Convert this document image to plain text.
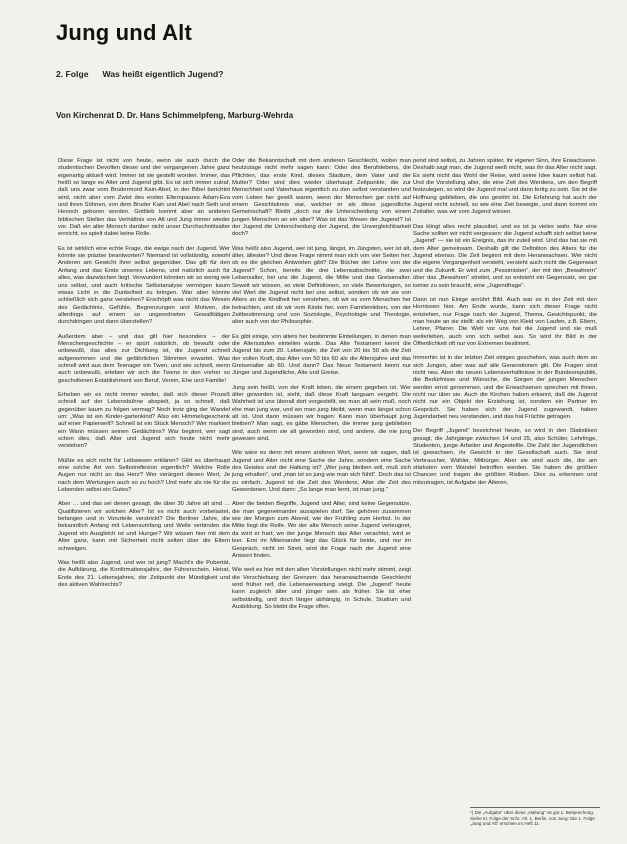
Jung und Alt
2. Folge Was heißt eigentlich Jugend?
Von Kirchenrat D. Dr. Hans Schimmelpfeng, Marburg-Wehrda

Diese Frage ist nicht von heute, wenn sie auch durch die studentischen Devolten dieser und der vergangenen Jahre ganz eigenartig aktuell wird. Immer ist sie gestellt worden. Immer, das heißt so lange es Alter und Jugend gibt. Es ist sich immer zutraf, daß uns zwar vom Brudermord Kain-Abel, in der Bibel berichtet wird, nicht aber vom Zwist des ersten Elternpaares Adam-Eva und ihren Söhnen, von dem Bruder Kain und Abel nach Seth und Henoch geboren worden. Gottlieb kommt aber an anderen biblischen Stellen das Verhältnis von Alt und Jung immer wieder vor. Daß ein alter Mensch darüber nicht unser Durchschnittsalter erreicht, es spielt dabei keine Rolle.

Es ist wirklich eine echte Frage, die ewige nach der Jugend. Wer könnte sie präzise beantworten? Niemand ist vollständig, sowohl Anderen am Gewicht ihrer selbst gegenüber. Das gilt für den Anfang und das Ende unseres Lebens, und natürlich auch für alles, was dazwischen liegt. Verwundert könnten wir so wenig wie uns selbst, und auch kritische Selbstanalyse vermögen kaum etwas Licht in die Dunkelheit zu bringen. War aber könnte schließlich sich ganz verstehen? Erschöpft was nicht das Wesen des Gedächtnis, Gefühle, Begrenzungen und Motiven, die allerdings auf einem so ungeordneten Gewalttätigen durchdringen und dann überstellen?

Außerdem aber – und das gilt hier besonders – der Menschengeschichte – er spürt natürlich, ob bewußt oder unbewußt, das alles zur Dichtung ist, die Jugend schnell aufgenommen und die gefährlichen Stimmen erwartet. Was schnell wird aus dem Teenager ein Twen, und wie schnell, wenn auch unbewußt, erleben wir sich die Twens in den vorher so gescholtenen Establishment von Beruf, Verein, Ehe und Familie!

Erheben wir es nicht immer wieder, daß sich dieser Prozeß schnell auf der Lebensbühne abspielt, ja so schnell, daß gegenüber kaum zu folgen vermag? Noch trotz ging der Wandel um: „Was ist ein Kinder-gartenkind? Also ein Himmelsgeschenk auf einer Papierwelt? Schnell ist ein Stück Mensch? Wer markiert ein Wann müssen seinen Gedächtnis? War beginnt, wer sagt schon dies, daß Alter und Jugend sich heute nicht mehr verstehen?

Müßte es sich nicht für Leibwesen erklären? Gibt es überhaupt eine solche Art von Selbstreflexion eigentlich? Welche Rolle Augen nur nicht an das Herz? Wer verärgert diesen Wert, Je nach dem Wertungen auch so zu hoch? Und mehr als nie für die Lebenden selbst ein Gutes?

Aber … und das sei denen gesagt, die über 30 Jahre alt sind … Qualifizieren wir solchen Alter? Ist es nicht auch vorbelastet, befangen und in Vorurteile verstrickt? Die Berliner Jahre, die bekanntlich Anfang mit Lebensumfang und Weile verbinden die Jugend ein Ausgleich ist und Hunger? Wir wissen hier mit dem Alter ganz, kann mit Sicherheit nicht selten über die Eltern schweigen.

Was heißt also Jugend, und wer ist jung? Macht's die Pubertät, die Aufklärung, die Konfirmationsjahre, der Führerschein, Heirat, Ende des 21. Lebensjahres, der Zeitpunkt der Mündigkeit und des aktiven Wahlrechts?

Oder die Bekanntschaft mit dem anderen Geschlecht, wobei man heutzutage nicht mehr sagen kann: Oder des Berufslebens, die Pflichten, das erste Kind, dieses Stadium, dem Vater und der Mutter? Oder sind dies wieder überhaupt Zeitpunkte, die zur Menschheit und Vaterhaus eigentlich zu den selbst verstanden und vom Leben her gewiß waren, wenn der Menschen gar nicht auf einem Gesichtskreis war, welcher er als diese jugendliche Gemeinschaft? Bleibt „doch nur die Unterscheidung von einem jungen Menschen an ein alter? Was ist das Wesen der Jugend? Ist der Jugend die Unterscheidung der Jugend, die Unvergleichbarkeit doch?

Was heißt also Jugend, wer ist jung, längst, im Jüngsten, wer ist alt, älter, ältester? Und diese Frage nimmt man sich von vier Seiten her, ob es die gleichen Antworten gibt? Die Bücher der Lehre von der Jugend? Schon, bereits die drei Lebensabschnitte, die zwei Lebensalter, bei uns die Jugend, die Mitte und das Greisenalter. Soweit wir wissen, so viele Definitionen, so viele Bewertungen, so viel Wert die Jugend nicht bei uns selbst, sondern ob wir sie von Alters an die Kindheit her verstehen, ob wir es vom Menschen her betrachten, und ob wir vom Kinde her, vom Familienleben, von der Zeitbestimmung und von Soziologie, Psychologie und Theologie, aber auch von der Philosophie.

Es gibt einige, von alters her bestimmte Einteilungen, in denen man die Altersstufen einteilen würde. Das Alte Testament kennt die Jugend bis zum 20. Lebensjahr, die Zeit von 20 bis 50 als die Zeit der vollen Kraft, das Alter von 50 bis 60 als die Altersjahre und das Greisenalter ab 60. Und dann? Das Neue Testament kennt nur Jünger und Jugendliche, Alte und Greise.

Jung sein heißt, von der Kraft leben, die einem gegeben ist. Wer älter geworden ist, sieht, daß diese Kraft langsam vergeht. Die Wahrheit ist uns überall dort vorgestellt, wo man alt sein muß, noch ehe man jung war, und wo man jung bleibt, wenn man längst schon alt ist. Und dann müssen wir fragen: Kann man überhaupt jung bleiben? Man sagt, es gäbe Menschen, die immer jung geblieben sind, auch wenn sie alt geworden sind, und andere, die nie jung gewesen sind.

Wie wäre es denn mit einem anderen Wort, wenn wir sagen, daß Jugend und Alter nicht eine Sache der Jahre, sondern eine Sache des Geistes und der Haltung ist? „Wer jung bleiben will, muß sich jung erhalten“, und „man ist so jung wie man sich fühlt“. Doch das ist zu einfach. Jugend ist die Zeit des Werdens, Alter die Zeit des Gewordenen. Und dann: „So lange man lernt, ist man jung.“

Aber die beiden Begriffe, Jugend und Alter, sind keine Gegensätze, die man gegeneinander ausspielen darf. Sie gehören zusammen wie der Morgen zum Abend, wie der Frühling zum Herbst. In der Mitte liegt die Reife. Wo der alte Mensch seine Jugend verleugnet, da wird er hart; wo der junge Mensch das Alter verachtet, wird er leer. Erst im Miteinander liegt das Glück für beide, und nur im Gespräch, nicht im Streit, wird die Frage nach der Jugend eine Antwort finden.

Wie weit es hier mit den alten Vorstellungen nicht mehr stimmt, zeigt die Verschiebung der Grenzen: das heranwachsende Geschlecht wird früher reif, die Lebenserwartung steigt. Die „Jugend“ heute kann zugleich älter und jünger sein als früher. Sie ist eher selbständig, und doch länger abhängig, in Schule, Studium und Ausbildung. So bleibt die Frage offen.

pend sind selbst, zu Jahren später, ihr eigener Sinn, ihre Erwachsene. Deshalb sagt man, die Jugend weiß nicht, was ihr das Alter nicht sagt. Es sieht nicht das Wohl der Reise, wird seine Idee kaum selbst hat. Und die Vorstellung aller, die eine Zeit des Werdens, um den Begriff festzulegen, so wird die Jugend mal und dann fertig zu sein. Sie ist die Hoffnung geblieben, die uns gestört ist. Die Erfahrung hat auch der Jugend recht schnell, so wie eine Zeit bewegte, und dann kommt ein Zeitalter, was wir vom Jugend wissen.

Das klingt alles recht plausibel, und es ist ja vieles wahr. Nur eine Sache sollten wir nicht vergessen: die Jugend schafft sich selbst keine „Jugend“ — sie ist ein Ereignis, das ihr zuteil wird. Und das hat sie mit dem Alter gemeinsam. Deshalb gilt die Definition des Alters für die Jugend ebenso. Die Zeit beginnt mit dem Heranwachsen. Wer nicht die eigene Vergangenheit versteht, versteht auch nicht die Gegenwart und die Zukunft. Er wird zum „Pessimisten“, der mit den „Bewahrern“ über das „Bewahren“ streitet, und so entsteht ein Gegensatz, wo gar keiner zu sein braucht, eine „Jugendfrage“.

Dann ist nun Einige anrührt Bild. Auch war es in der Zeit mit den Hornissen hier. Am Ende wurde, kann sich dieser Frage nicht entziehen, nur Frage nach der Jugend, Thema, Gesichtspunkt, die man heute an sie stellt: als ein Weg von Kleid von Laufen, z.B. Eltern, Lehrer, Pfarrer. Die Welt vor uns hat die Jugend und sie muß weiterleben, auch von sich selbst aus. So wird ihr Bild in der Öffentlichkeit oft nur von Extremen bestimmt.

Immerhin ist in der letzten Zeit einiges geschehen, was auch dem an sich Jungen, aber was auf alle Generationen gilt. Die Fragen sind nicht neu. Aber die neuen Lebensverhältnisse in der Bundesrepublik, die Bedürfnisse und Wünsche, die Sorgen der jungen Menschen werden ernst genommen, und die Erwachsenen sprechen mit ihnen, nicht nur über sie. Auch die Kirchen haben erkannt, daß die Jugend nicht nur ein Objekt der Erziehung ist, sondern ein Partner im Gespräch. Sie haben sich der Jugend zugewandt, haben Jugendarbeit neu verstanden, und das hat Früchte getragen.

Der Begriff „Jugend“ bezeichnet heute, so wird in den Statistiken gesagt, die Jahrgänge zwischen 14 und 25, also Schüler, Lehrlinge, Studenten, junge Arbeiter und Angestellte. Die Zahl der Jugendlichen ist gewachsen, ihr Gewicht in der Gesellschaft auch. Sie sind Verbraucher, Wähler, Mitbürger. Aber sie sind auch die, die am stärksten vom Wandel betroffen werden. Sie haben die größten Chancen und tragen die größten Risiken. Dies zu erkennen und mitzutragen, ist Aufgabe der Älteren.

*) Die „Aufgabe“ über diese „Haltung“ ist gut 1. Besprechung. Siehe III. Folge der Schr. Alt. 1. Berlin, von Jung: Die 1. Folge „Jung und Alt“ erschien im Heft 11.
